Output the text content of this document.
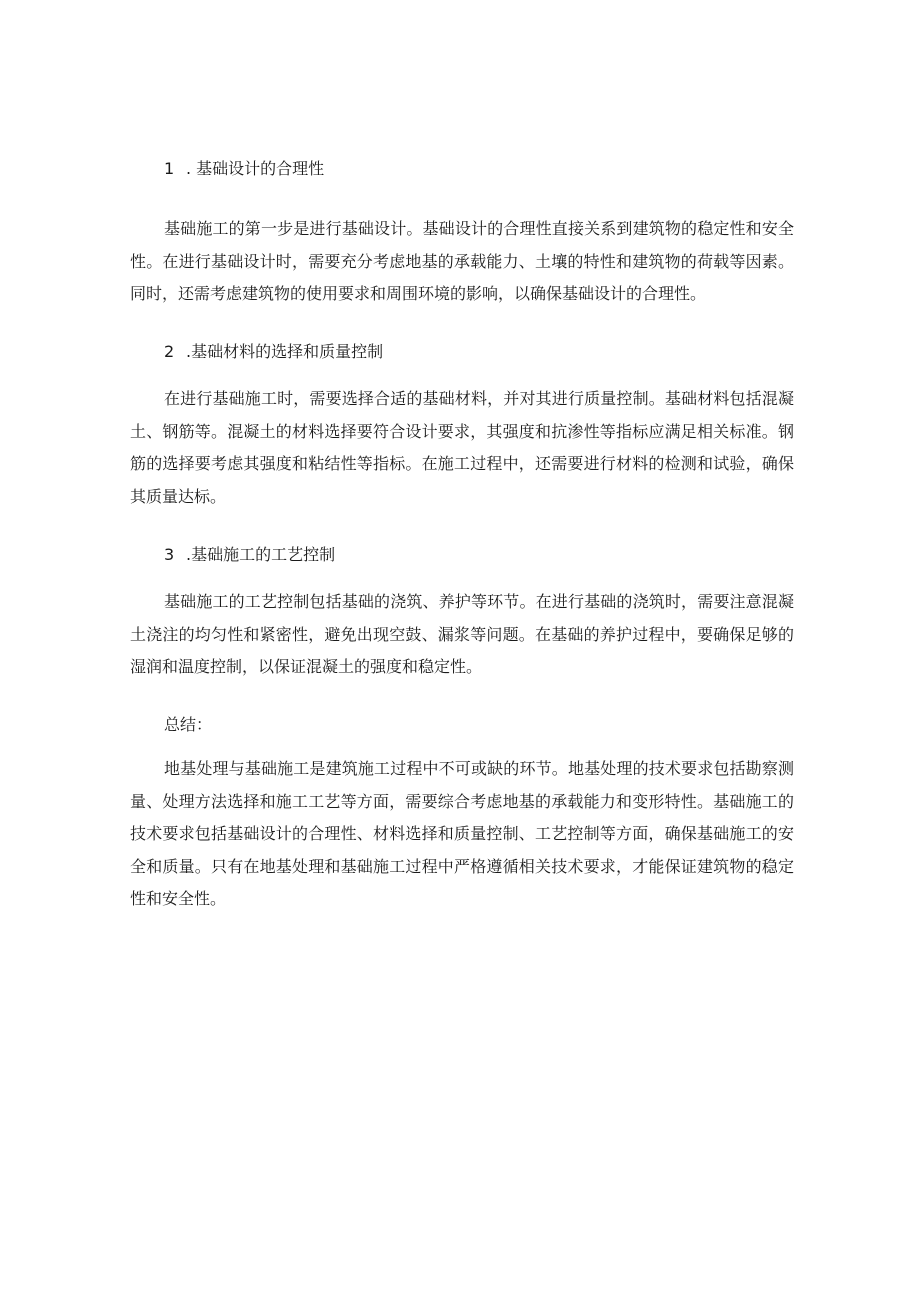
1 . 基础设计的合理性

基础施工的第一步是进行基础设计。基础设计的合理性直接关系到建筑物的稳定性和安全性。在进行基础设计时，需要充分考虑地基的承载能力、土壤的特性和建筑物的荷载等因素。同时，还需考虑建筑物的使用要求和周围环境的影响，以确保基础设计的合理性。

2 .基础材料的选择和质量控制

在进行基础施工时，需要选择合适的基础材料，并对其进行质量控制。基础材料包括混凝土、钢筋等。混凝土的材料选择要符合设计要求，其强度和抗渗性等指标应满足相关标准。钢筋的选择要考虑其强度和粘结性等指标。在施工过程中，还需要进行材料的检测和试验，确保其质量达标。

3 .基础施工的工艺控制

基础施工的工艺控制包括基础的浇筑、养护等环节。在进行基础的浇筑时，需要注意混凝土浇注的均匀性和紧密性，避免出现空鼓、漏浆等问题。在基础的养护过程中，要确保足够的湿润和温度控制，以保证混凝土的强度和稳定性。

总结：

地基处理与基础施工是建筑施工过程中不可或缺的环节。地基处理的技术要求包括勘察测量、处理方法选择和施工工艺等方面，需要综合考虑地基的承载能力和变形特性。基础施工的技术要求包括基础设计的合理性、材料选择和质量控制、工艺控制等方面，确保基础施工的安全和质量。只有在地基处理和基础施工过程中严格遵循相关技术要求，才能保证建筑物的稳定性和安全性。
